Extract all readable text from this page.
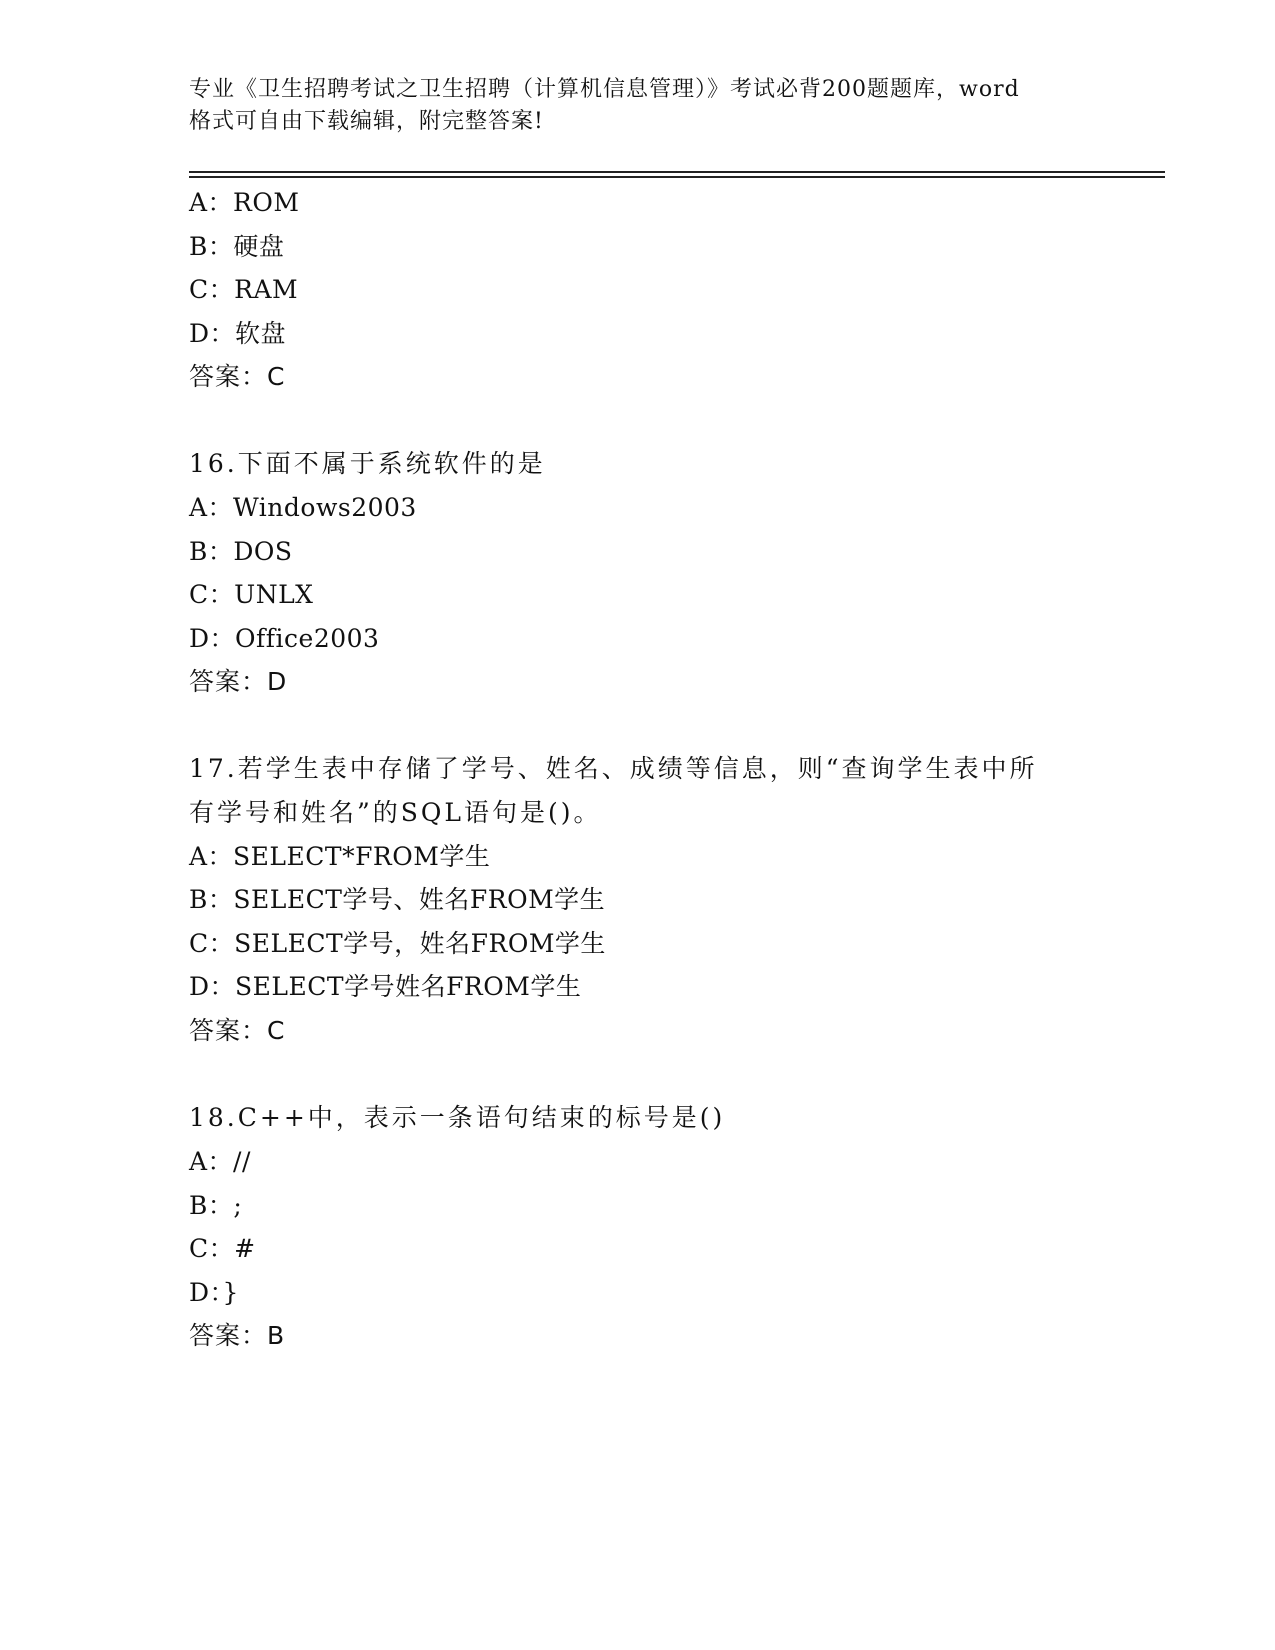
专业《卫生招聘考试之卫生招聘（计算机信息管理）》考试必背200题题库，word
格式可自由下载编辑，附完整答案!
A：ROM
B：硬盘
C：RAM
D：软盘
答案：C
16.下面不属于系统软件的是
A：Windows2003
B：DOS
C：UNLX
D：Office2003
答案：D
17.若学生表中存储了学号、姓名、成绩等信息，则“查询学生表中所
有学号和姓名”的SQL语句是()。
A：SELECT*FROM学生
B：SELECT学号、姓名FROM学生
C：SELECT学号，姓名FROM学生
D：SELECT学号姓名FROM学生
答案：C
18.C++中，表示一条语句结束的标号是()
A：//
B：;
C：#
D：}
答案：B
